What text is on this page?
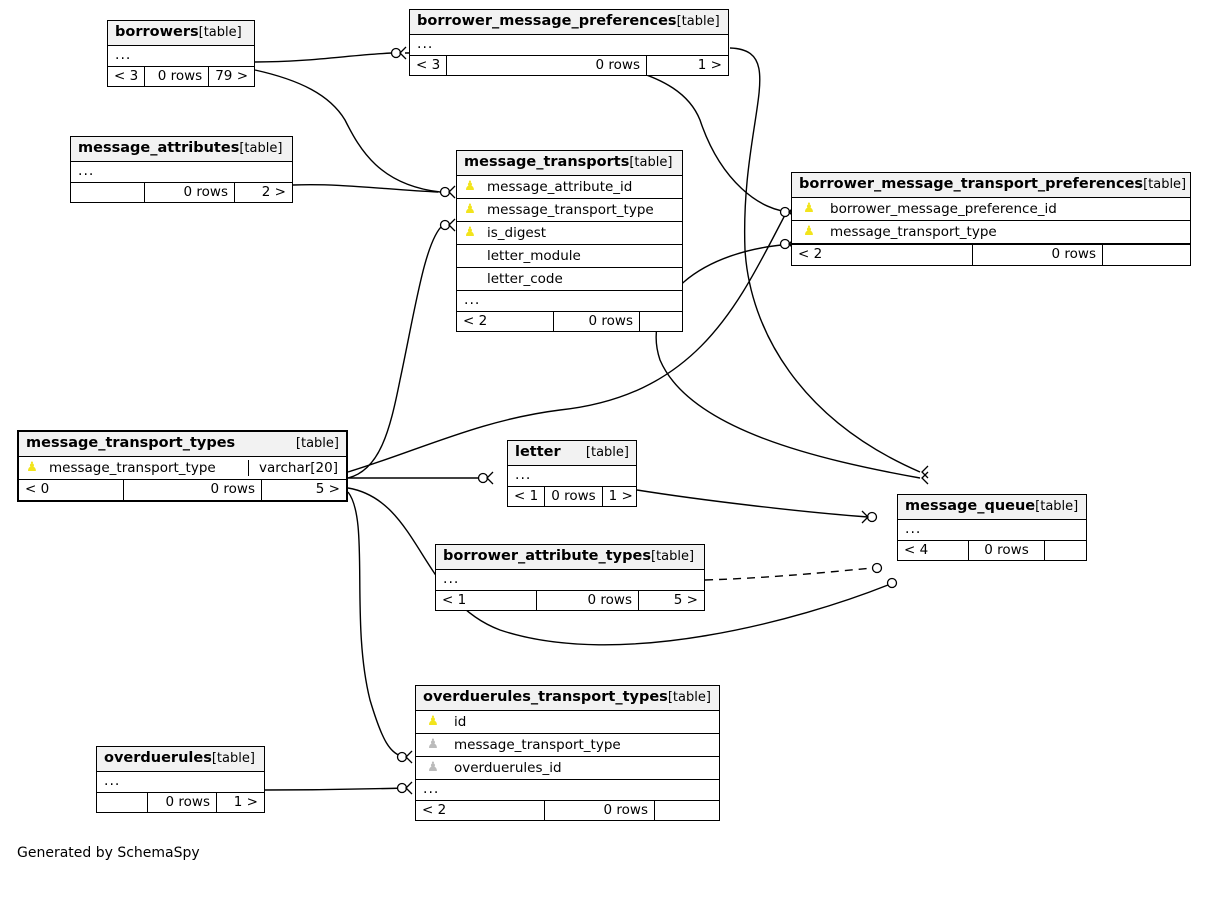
borrowers[table]
...
< 3	0 rows 79 >
borrower_message_preferences[table]
...
< 3	0 rows	1 >
message_attributes[table]
...
0 rows	2 >
message_transports[table]
♟ message_attribute_id
♟ message_transport_type
♟ is_digest
letter_module
letter_code
...
< 2	0 rows
borrower_message_transport_preferences[table]
♟	borrower_message_preference_id
♟	message_transport_type
< 2	0 rows
message_transport_types	[table]
♟ message_transport_type	varchar[20]
< 0	0 rows	5 >
letter [table]
...
< 1 0 rows 1 >
message_queue[table]
...
< 4	0 rows
borrower_attribute_types[table]
...
< 1	0 rows	5 >
overduerules_transport_types[table]
♟	id
♟	message_transport_type
♟	overduerules_id
...
< 2	0 rows
overduerules[table]
...
0 rows	1 >
Generated by SchemaSpy
